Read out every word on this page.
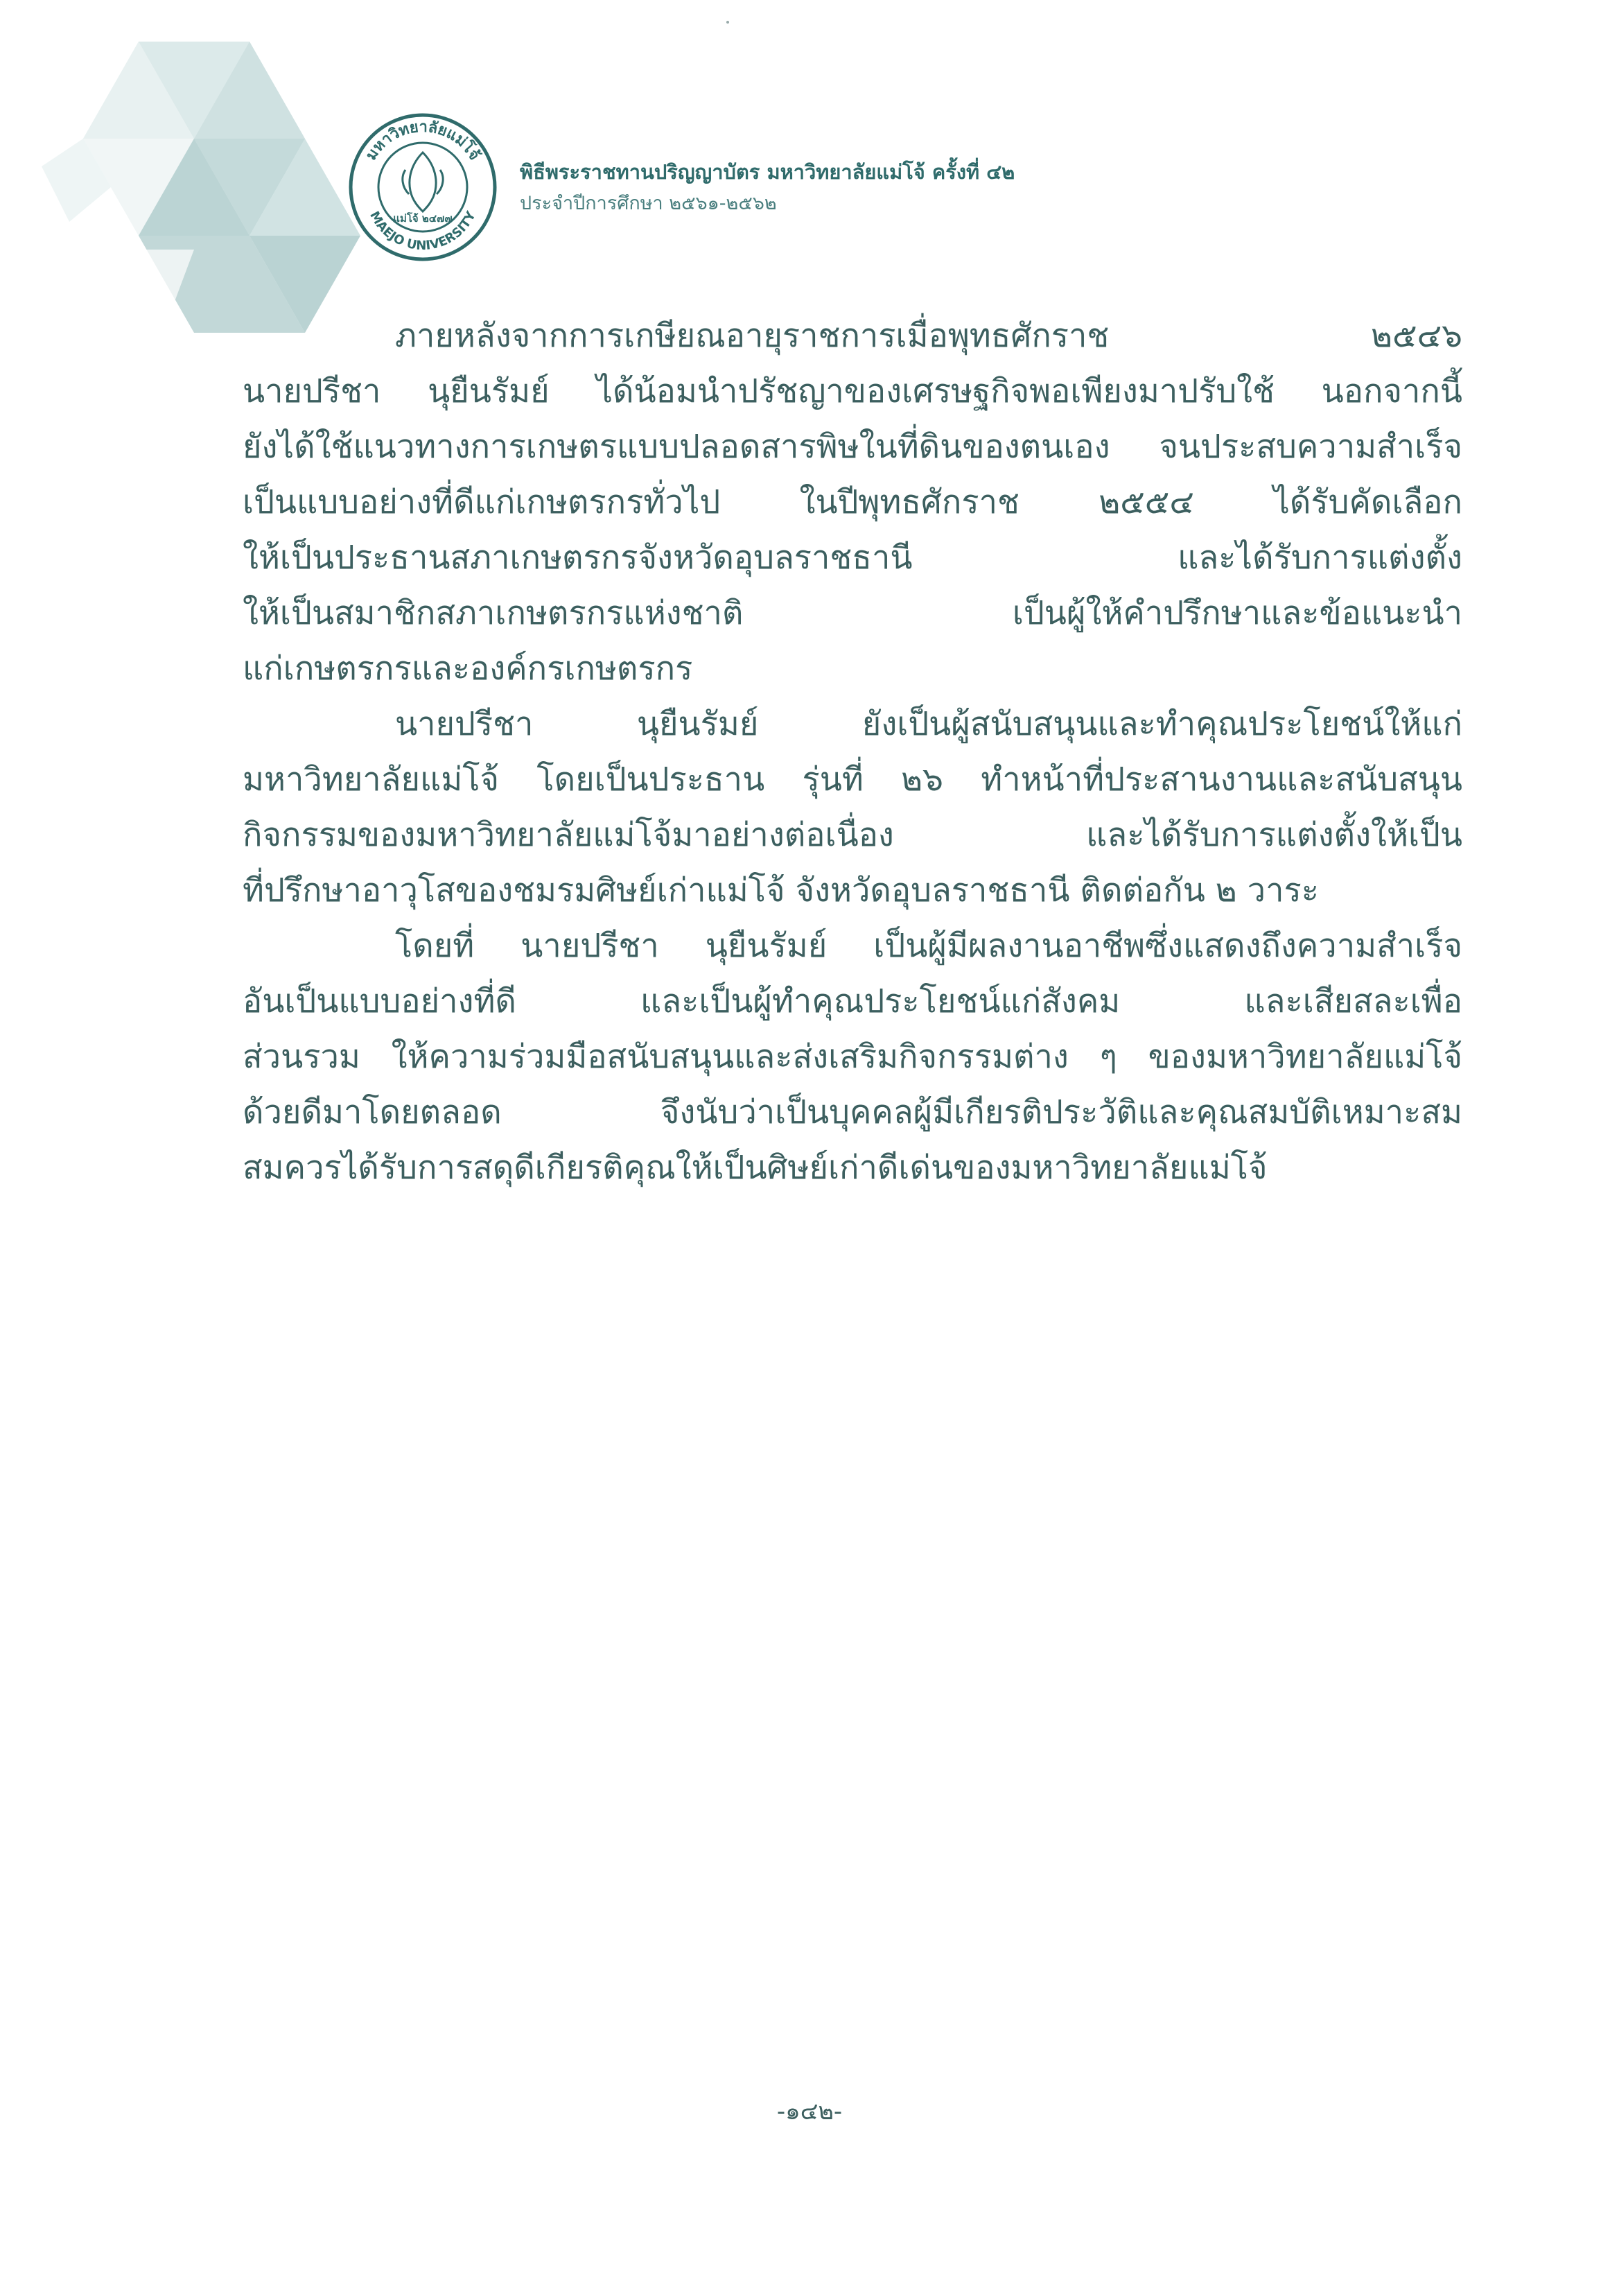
มหาวิทยาลัยแม่โจ้
MAEJO UNIVERSITY
แม่โจ้ ๒๔๗๗
พิธีพระราชทานปริญญาบัตร มหาวิทยาลัยแม่โจ้ ครั้งที่ ๔๒
ประจำปีการศึกษา ๒๕๖๑-๒๕๖๒
ภายหลังจากการเกษียณอายุราชการเมื่อพุทธศักราช ๒๕๔๖
นายปรีชา นุยืนรัมย์ ได้น้อมนำปรัชญาของเศรษฐกิจพอเพียงมาปรับใช้ นอกจากนี้
ยังได้ใช้แนวทางการเกษตรแบบปลอดสารพิษในที่ดินของตนเอง จนประสบความสำเร็จ
เป็นแบบอย่างที่ดีแก่เกษตรกรทั่วไป ในปีพุทธศักราช ๒๕๕๔ ได้รับคัดเลือก
ให้เป็นประธานสภาเกษตรกรจังหวัดอุบลราชธานี และได้รับการแต่งตั้ง
ให้เป็นสมาชิกสภาเกษตรกรแห่งชาติ เป็นผู้ให้คำปรึกษาและข้อแนะนำ
แก่เกษตรกรและองค์กรเกษตรกร
นายปรีชา นุยืนรัมย์ ยังเป็นผู้สนับสนุนและทำคุณประโยชน์ให้แก่
มหาวิทยาลัยแม่โจ้ โดยเป็นประธาน รุ่นที่ ๒๖ ทำหน้าที่ประสานงานและสนับสนุน
กิจกรรมของมหาวิทยาลัยแม่โจ้มาอย่างต่อเนื่อง และได้รับการแต่งตั้งให้เป็น
ที่ปรึกษาอาวุโสของชมรมศิษย์เก่าแม่โจ้ จังหวัดอุบลราชธานี ติดต่อกัน ๒ วาระ
โดยที่ นายปรีชา นุยืนรัมย์ เป็นผู้มีผลงานอาชีพซึ่งแสดงถึงความสำเร็จ
อันเป็นแบบอย่างที่ดี และเป็นผู้ทำคุณประโยชน์แก่สังคม และเสียสละเพื่อ
ส่วนรวม ให้ความร่วมมือสนับสนุนและส่งเสริมกิจกรรมต่าง ๆ ของมหาวิทยาลัยแม่โจ้
ด้วยดีมาโดยตลอด จึงนับว่าเป็นบุคคลผู้มีเกียรติประวัติและคุณสมบัติเหมาะสม
สมควรได้รับการสดุดีเกียรติคุณให้เป็นศิษย์เก่าดีเด่นของมหาวิทยาลัยแม่โจ้
-๑๔๒-
